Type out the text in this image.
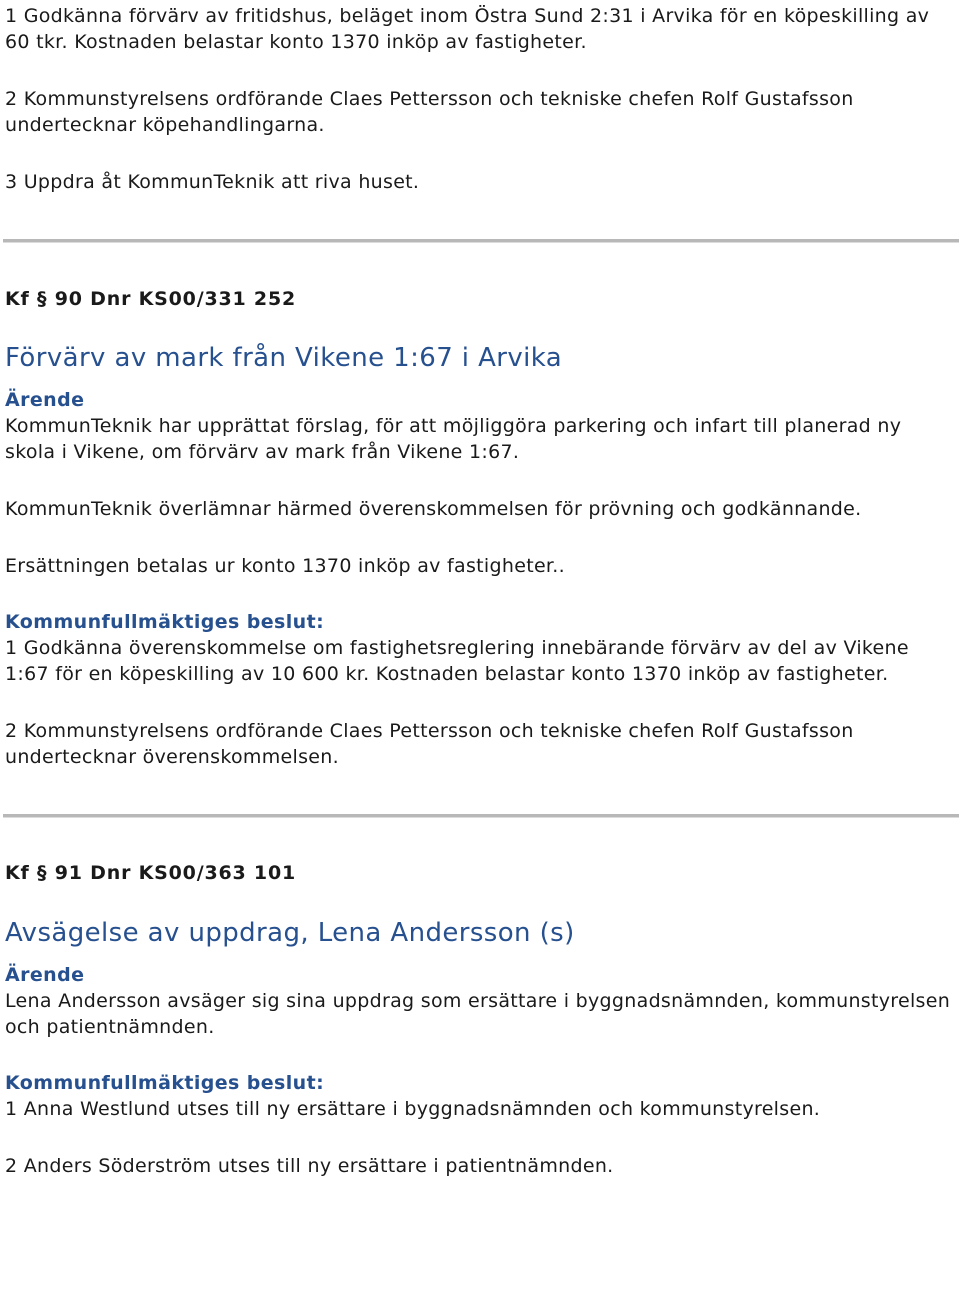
1 Godkänna förvärv av fritidshus, beläget inom Östra Sund 2:31 i Arvika för en köpeskilling av 60 tkr. Kostnaden belastar konto 1370 inköp av fastigheter.

2 Kommunstyrelsens ordförande Claes Pettersson och tekniske chefen Rolf Gustafsson undertecknar köpehandlingarna.

3 Uppdra åt KommunTeknik att riva huset.

Kf § 90 Dnr KS00/331 252

Förvärv av mark från Vikene 1:67 i Arvika

Ärende

KommunTeknik har upprättat förslag, för att möjliggöra parkering och infart till planerad ny skola i Vikene, om förvärv av mark från Vikene 1:67.

KommunTeknik överlämnar härmed överenskommelsen för prövning och godkännande.

Ersättningen betalas ur konto 1370 inköp av fastigheter..

Kommunfullmäktiges beslut:

1 Godkänna överenskommelse om fastighetsreglering innebärande förvärv av del av Vikene 1:67 för en köpeskilling av 10 600 kr. Kostnaden belastar konto 1370 inköp av fastigheter.

2 Kommunstyrelsens ordförande Claes Pettersson och tekniske chefen Rolf Gustafsson undertecknar överenskommelsen.

Kf § 91 Dnr KS00/363 101

Avsägelse av uppdrag, Lena Andersson (s)

Ärende

Lena Andersson avsäger sig sina uppdrag som ersättare i byggnadsnämnden, kommunstyrelsen och patientnämnden.

Kommunfullmäktiges beslut:

1 Anna Westlund utses till ny ersättare i byggnadsnämnden och kommunstyrelsen.

2 Anders Söderström utses till ny ersättare i patientnämnden.
